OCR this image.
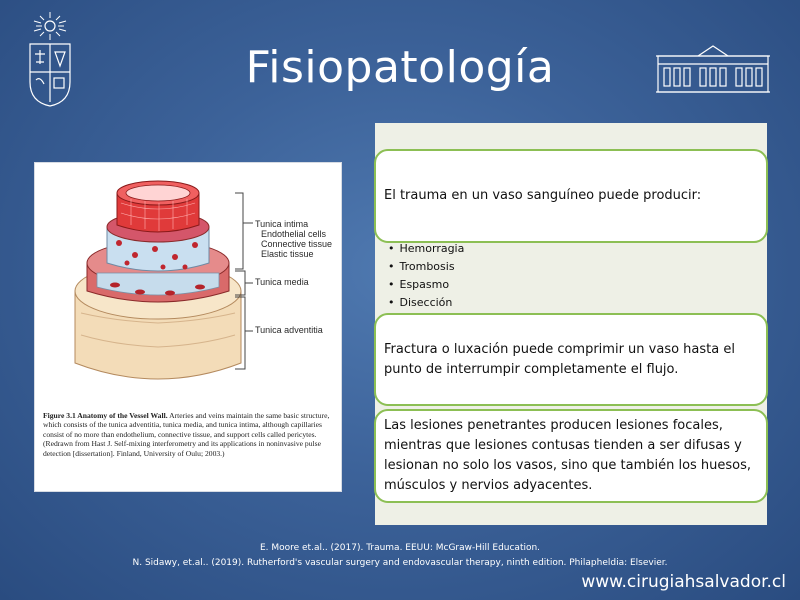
Fisiopatología
Tunica intima
Endothelial cells
Connective tissue
Elastic tissue
Tunica media
Tunica adventitia
Figure 3.1 Anatomy of the Vessel Wall. Arteries and veins maintain the same basic structure, which consists of the tunica adventitia, tunica media, and tunica intima, although capillaries consist of no more than endothelium, connective tissue, and support cells called pericytes. (Redrawn from Hast J. Self-mixing interferometry and its applications in noninvasive pulse detection [dissertation]. Finland, University of Oulu; 2003.)
El trauma en un vaso sanguíneo puede producir:
• Hemorragia
• Trombosis
• Espasmo
• Disección
Fractura o luxación puede comprimir un vaso hasta el punto de interrumpir completamente el flujo.
Las lesiones penetrantes producen lesiones focales, mientras que lesiones contusas tienden a ser difusas y lesionan no solo los vasos, sino que también los huesos, músculos y nervios adyacentes.
E. Moore et.al.. (2017). Trauma. EEUU: McGraw-Hill Education.
N. Sidawy, et.al.. (2019). Rutherford's vascular surgery and endovascular therapy, ninth edition. Philapheldia: Elsevier.
www.cirugiahsalvador.cl
